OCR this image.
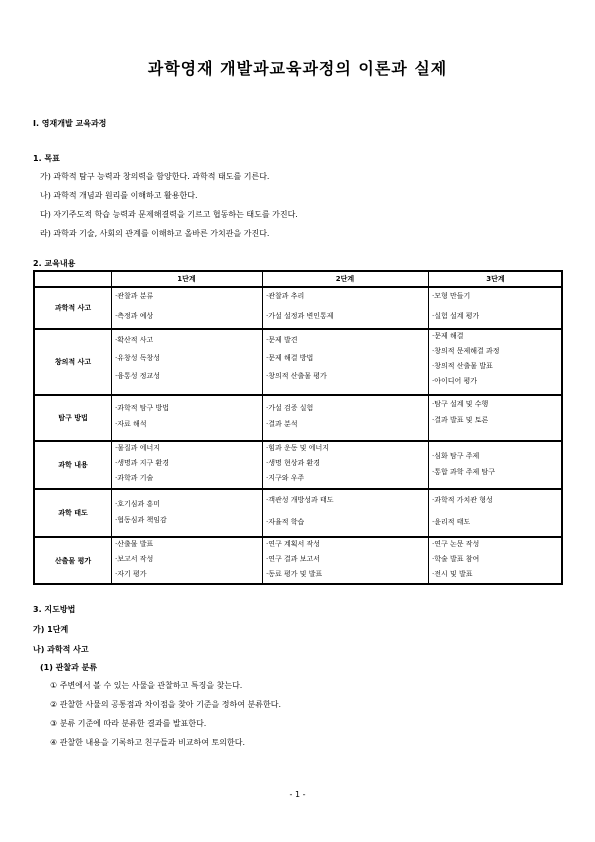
과학영재 개발과교육과정의 이론과 실제
Ⅰ. 영재개발 교육과정
1. 목표
가) 과학적 탐구 능력과 창의력을 함양한다. 과학적 태도를 기른다.
나) 과학적 개념과 원리를 이해하고 활용한다.
다) 자기주도적 학습 능력과 문제해결력을 기르고 협동하는 태도를 가진다.
라) 과학과 기술, 사회의 관계를 이해하고 올바른 가치관을 가진다.
2. 교육내용
1단계	2단계	3단계
과학적 사고
·관찰과 분류
·측정과 예상
·관찰과 추리
·가설 설정과 변인통제
·모형 만들기
·실험 설계 평가
창의적 사고
·확산적 사고
·유창성 독창성
·융통성 정교성
·문제 발견
·문제 해결 방법
·창의적 산출물 평가
·문제 해결
·창의적 문제해결 과정
·창의적 산출물 발표
·아이디어 평가
탐구 방법
·과학적 탐구 방법
·자료 해석
·가설 검증 실험
·결과 분석
·탐구 설계 및 수행
·결과 발표 및 토론
과학 내용
·물질과 에너지
·생명과 지구 환경
·과학과 기술
·힘과 운동 및 에너지
·생명 현상과 환경
·지구와 우주
·심화 탐구 주제
·통합 과학 주제 탐구
과학 태도
·호기심과 흥미
·협동심과 책임감
·객관성 개방성과 태도
·자율적 학습
·과학적 가치관 형성
·윤리적 태도
산출물 평가
·산출물 발표
·보고서 작성
·자기 평가
·연구 계획서 작성
·연구 결과 보고서
·동료 평가 및 발표
·연구 논문 작성
·학술 발표 참여
·전시 및 발표
3. 지도방법
가) 1단계
나) 과학적 사고
(1) 관찰과 분류
① 주변에서 볼 수 있는 사물을 관찰하고 특징을 찾는다.
② 관찰한 사물의 공통점과 차이점을 찾아 기준을 정하여 분류한다.
③ 분류 기준에 따라 분류한 결과를 발표한다.
④ 관찰한 내용을 기록하고 친구들과 비교하여 토의한다.
- 1 -
